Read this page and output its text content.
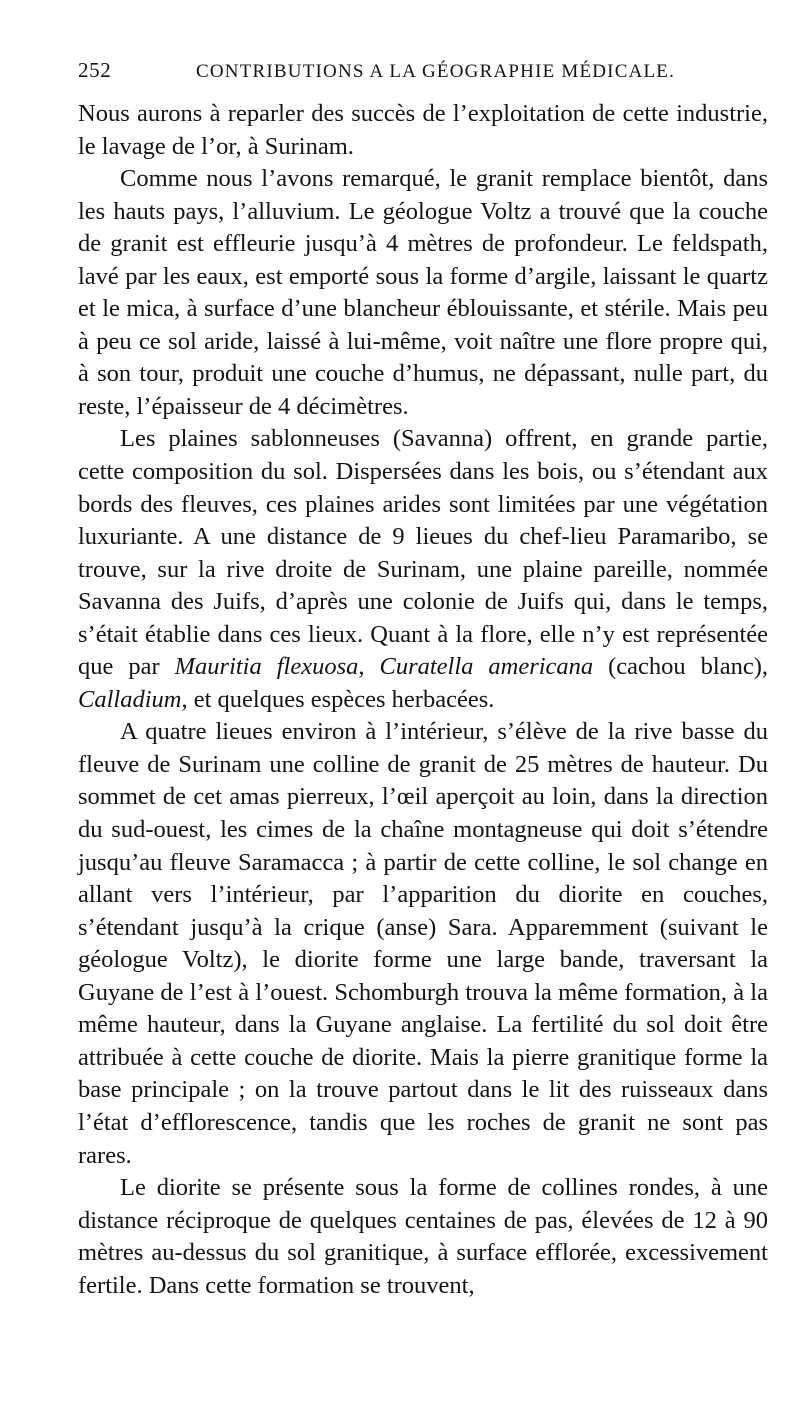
252	CONTRIBUTIONS A LA GÉOGRAPHIE MÉDICALE.

Nous aurons à reparler des succès de l’exploitation de cette industrie, le lavage de l’or, à Surinam.

Comme nous l’avons remarqué, le granit remplace bientôt, dans les hauts pays, l’alluvium. Le géologue Voltz a trouvé que la couche de granit est effleurie jusqu’à 4 mètres de profondeur. Le feldspath, lavé par les eaux, est emporté sous la forme d’argile, laissant le quartz et le mica, à surface d’une blancheur éblouissante, et stérile. Mais peu à peu ce sol aride, laissé à lui-même, voit naître une flore propre qui, à son tour, produit une couche d’humus, ne dépassant, nulle part, du reste, l’épaisseur de 4 décimètres.

Les plaines sablonneuses (Savanna) offrent, en grande partie, cette composition du sol. Dispersées dans les bois, ou s’étendant aux bords des fleuves, ces plaines arides sont limitées par une végétation luxuriante. A une distance de 9 lieues du chef-lieu Paramaribo, se trouve, sur la rive droite de Surinam, une plaine pareille, nommée Savanna des Juifs, d’après une colonie de Juifs qui, dans le temps, s’était établie dans ces lieux. Quant à la flore, elle n’y est représentée que par Mauritia flexuosa, Curatella americana (cachou blanc), Calladium, et quelques espèces herbacées.

A quatre lieues environ à l’intérieur, s’élève de la rive basse du fleuve de Surinam une colline de granit de 25 mètres de hauteur. Du sommet de cet amas pierreux, l’œil aperçoit au loin, dans la direction du sud-ouest, les cimes de la chaîne montagneuse qui doit s’étendre jusqu’au fleuve Saramacca ; à partir de cette colline, le sol change en allant vers l’intérieur, par l’apparition du diorite en couches, s’étendant jusqu’à la crique (anse) Sara. Apparemment (suivant le géologue Voltz), le diorite forme une large bande, traversant la Guyane de l’est à l’ouest. Schomburgh trouva la même formation, à la même hauteur, dans la Guyane anglaise. La fertilité du sol doit être attribuée à cette couche de diorite. Mais la pierre granitique forme la base principale ; on la trouve partout dans le lit des ruisseaux dans l’état d’efflorescence, tandis que les roches de granit ne sont pas rares.

Le diorite se présente sous la forme de collines rondes, à une distance réciproque de quelques centaines de pas, élevées de 12 à 90 mètres au-dessus du sol granitique, à surface efflorée, excessivement fertile. Dans cette formation se trouvent,
